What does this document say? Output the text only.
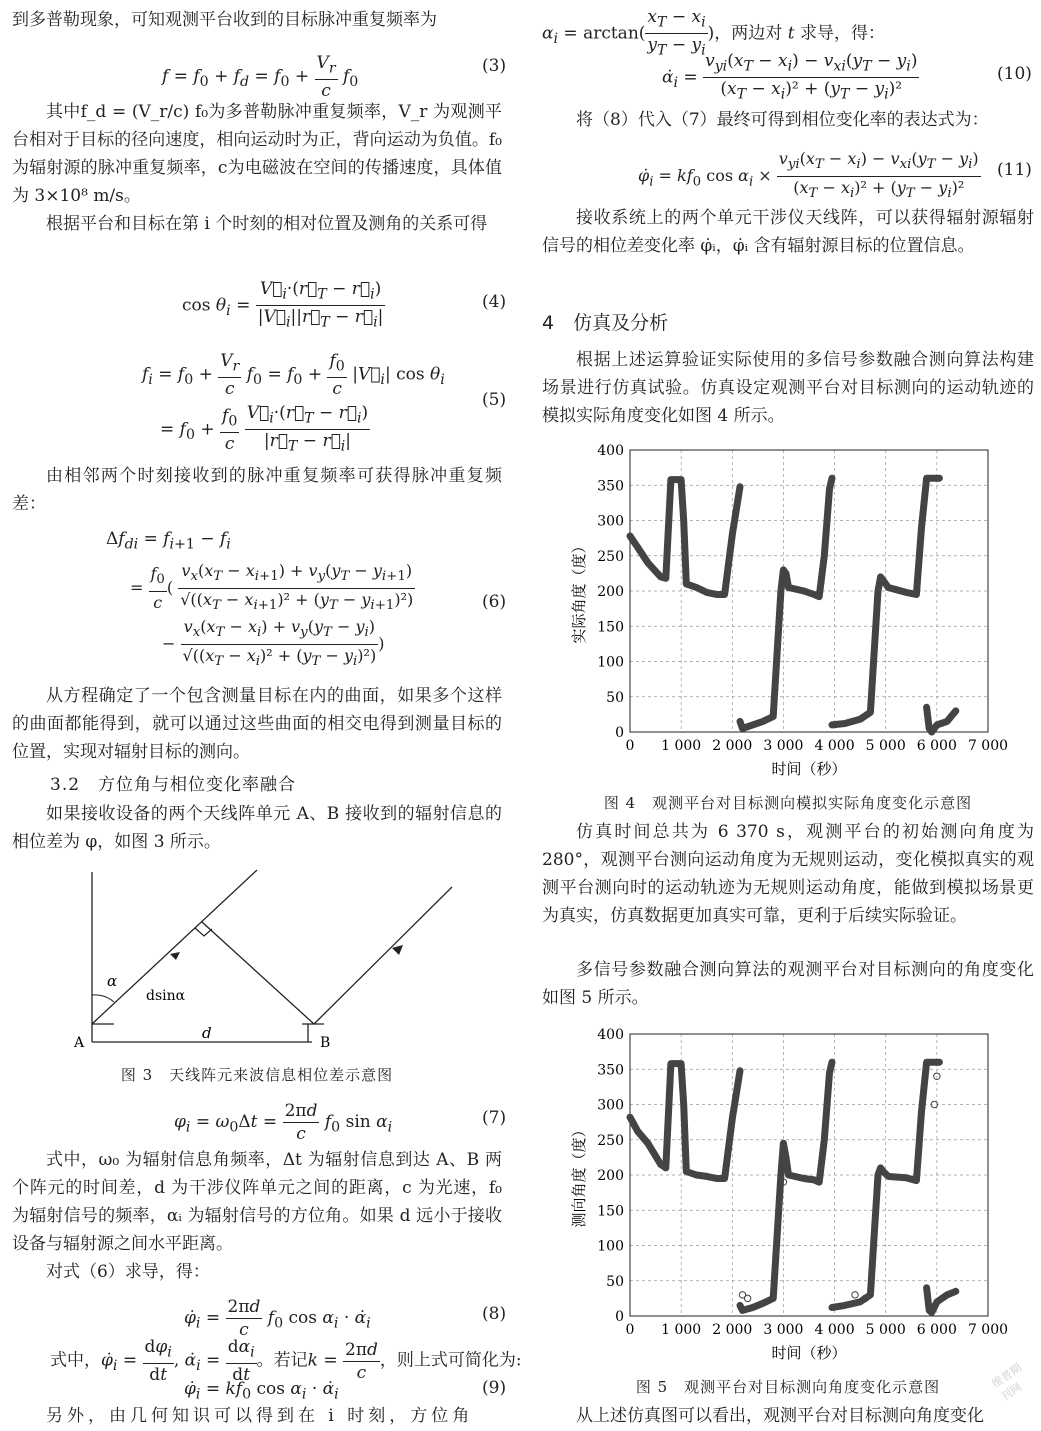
到多普勒现象，可知观测平台收到的目标脉冲重复频率为

$f = f_0 + f_d = f_0 + \frac{V_r}{c} f_0$
(3)

其中f_d = (V_r/c) f₀为多普勒脉冲重复频率，V_r 为观测平台相对于目标的径向速度，相向运动时为正，背向运动为负值。f₀为辐射源的脉冲重复频率，c为电磁波在空间的传播速度，具体值为 3×10⁸ m/s。

根据平台和目标在第 i 个时刻的相对位置及测角的关系可得

$\cos \theta_i = \frac{V⃗_i\cdot(r⃗_T - r⃗_i)}{|V⃗_i||r⃗_T - r⃗_i|}$	(4)
$f_i = f_0 + \frac{V_r}{c} f_0 = f_0 + \frac{f_0}{c}$ $|V⃗_i|$ $\cos \theta_i$
= $f_0 + \frac{f_0}{c}$
$\frac{V⃗_i\cdot(r⃗_T - r⃗_i)}{|r⃗_T - r⃗_i|}$
(5)

由相邻两个时刻接收到的脉冲重复频率可获得脉冲重复频差：

$\Delta f_{di} = f_{i+1} - f_i$
= $\frac{f_0}{c}$ ( $\frac{v_x(x_T - x_{i+1}) + v_y(y_T - y_{i+1})}{√((x_T - x_{i+1})^2 + (y_T - y_{i+1})^2)}$
− $\frac{v_x(x_T - x_i) + v_y(y_T - y_i)}{√((x_T - x_i)^2 + (y_T - y_i)^2)}$ )
(6)

从方程确定了一个包含测量目标在内的曲面，如果多个这样的曲面都能得到，就可以通过这些曲面的相交电得到测量目标的位置，实现对辐射目标的测向。

3.2　方位角与相位变化率融合

如果接收设备的两个天线阵单元 A、B 接收到的辐射信息的相位差为 φ，如图 3 所示。

α
dsinα
d
A	B
图 3　天线阵元来波信息相位差示意图
$\varphi_i = \omega_0\Delta t = \frac{2\pi d}{c} f_0$ $\sin \alpha_i$	(7)

式中，ω₀ 为辐射信息角频率，Δt 为辐射信息到达 A、B 两个阵元的时间差，d 为干涉仪阵单元之间的距离，c 为光速，f₀ 为辐射信号的频率，αᵢ 为辐射信号的方位角。如果 d 远小于接收设备与辐射源之间水平距离。

对式（6）求导，得：

$\varphi̇_i = \frac{2\pi d}{c} f_0$ $\cos \alpha_i$ · $\alphȧ_i$	(8)
式中，$\varphi̇_i = \frac{d\varphi_i}{dt}$ , $\alphȧ_i = \frac{d\alpha_i}{dt}$ 。若记$k = \frac{2\pi d}{c}$ ，则上式可简化为:
$\varphi̇_i = kf_0$ $\cos \alpha_i$ · $\alphȧ_i$	(9)

另外，由几何知识可以得到在 i 时刻，方位角

$\alpha_i = \arctan( \frac{x_T - x_i}{y_T - y_i}$ )，两边对 t 求导，得：
$\alphȧ_i = \frac{v_{yi}(x_T - x_i) - v_{xi}(y_T - y_i)}{(x_T - x_i)^2 + (y_T - y_i)^2}$	(10)

将（8）代入（7）最终可得到相位变化率的表达式为：

$\varphi̇_i = kf_0$ $\cos \alpha_i \times \frac{v_{yi}(x_T - x_i) - v_{xi}(y_T - y_i)}{(x_T - x_i)^2 + (y_T - y_i)^2} (11)$

接收系统上的两个单元干涉仪天线阵，可以获得辐射源辐射信号的相位差变化率 φ̇ᵢ，φ̇ᵢ 含有辐射源目标的位置信息。

4　仿真及分析

根据上述运算验证实际使用的多信号参数融合测向算法构建场景进行仿真试验。仿真设定观测平台对目标测向的运动轨迹的模拟实际角度变化如图 4 所示。

0 1 000 2 000 3 000 4 000 5 000 6 000 7 000
0
50
100
150
200
250
300
350
400
时间（秒）
实际角度（度）
图 4　观测平台对目标测向模拟实际角度变化示意图

仿真时间总共为 6 370 s，观测平台的初始测向角度为 280°，观测平台测向运动角度为无规则运动，变化模拟真实的观测平台测向时的运动轨迹为无规则运动角度，能做到模拟场景更为真实，仿真数据更加真实可靠，更利于后续实际验证。

多信号参数融合测向算法的观测平台对目标测向的角度变化如图 5 所示。

0 1 000 2 000 3 000 4 000 5 000 6 000 7 000
0
50
100
150
200
250
300
350
400
时间（秒）
测向角度（度）
图 5　观测平台对目标测向角度变化示意图	维普期刊网

从上述仿真图可以看出，观测平台对目标测向角度变化
